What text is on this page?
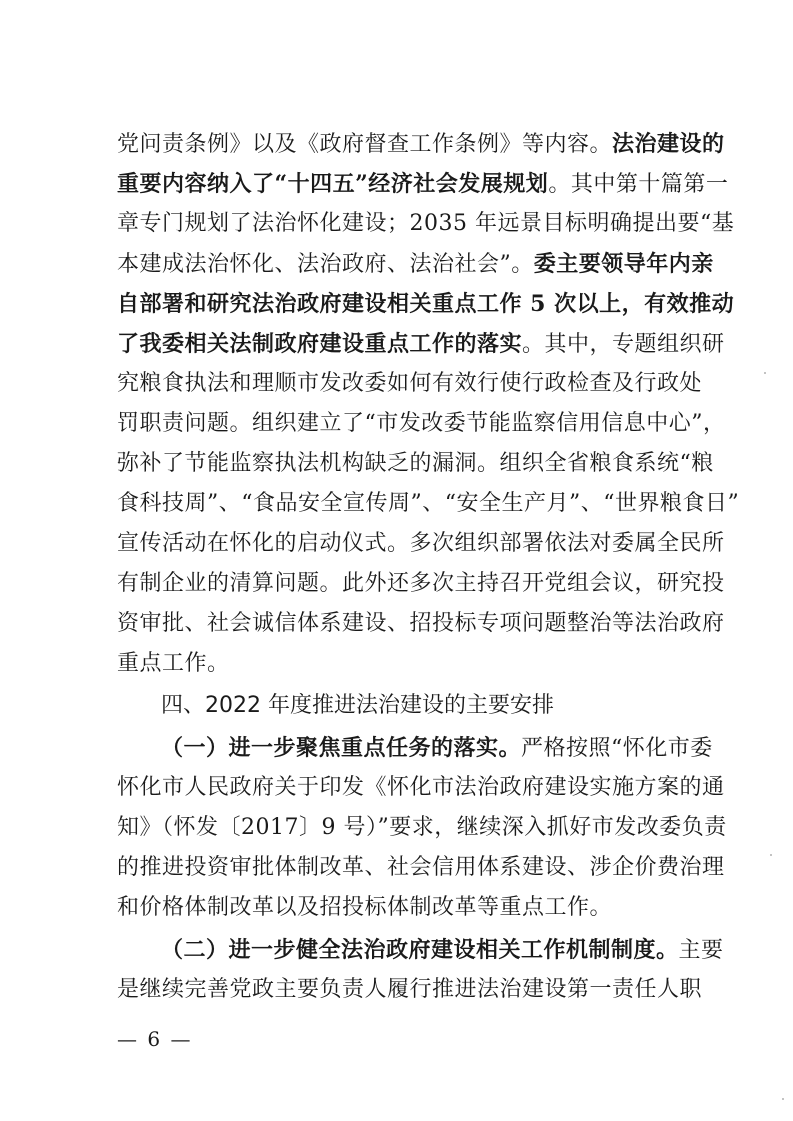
党问责条例》以及《政府督查工作条例》等内容。法治建设的
重要内容纳入了“十四五”经济社会发展规划。其中第十篇第一
章专门规划了法治怀化建设；2035 年远景目标明确提出要“基
本建成法治怀化、法治政府、法治社会”。委主要领导年内亲
自部署和研究法治政府建设相关重点工作 5 次以上，有效推动
了我委相关法制政府建设重点工作的落实。其中，专题组织研
究粮食执法和理顺市发改委如何有效行使行政检查及行政处
罚职责问题。组织建立了“市发改委节能监察信用信息中心”，
弥补了节能监察执法机构缺乏的漏洞。组织全省粮食系统“粮
食科技周”、“食品安全宣传周”、“安全生产月”、“世界粮食日”
宣传活动在怀化的启动仪式。多次组织部署依法对委属全民所
有制企业的清算问题。此外还多次主持召开党组会议，研究投
资审批、社会诚信体系建设、招投标专项问题整治等法治政府
重点工作。
四、2022 年度推进法治建设的主要安排
（一）进一步聚焦重点任务的落实。严格按照“怀化市委
怀化市人民政府关于印发《怀化市法治政府建设实施方案的通
知》（怀发〔2017〕9 号）”要求，继续深入抓好市发改委负责
的推进投资审批体制改革、社会信用体系建设、涉企价费治理
和价格体制改革以及招投标体制改革等重点工作。
（二）进一步健全法治政府建设相关工作机制制度。主要
是继续完善党政主要负责人履行推进法治建设第一责任人职
— 6 —
